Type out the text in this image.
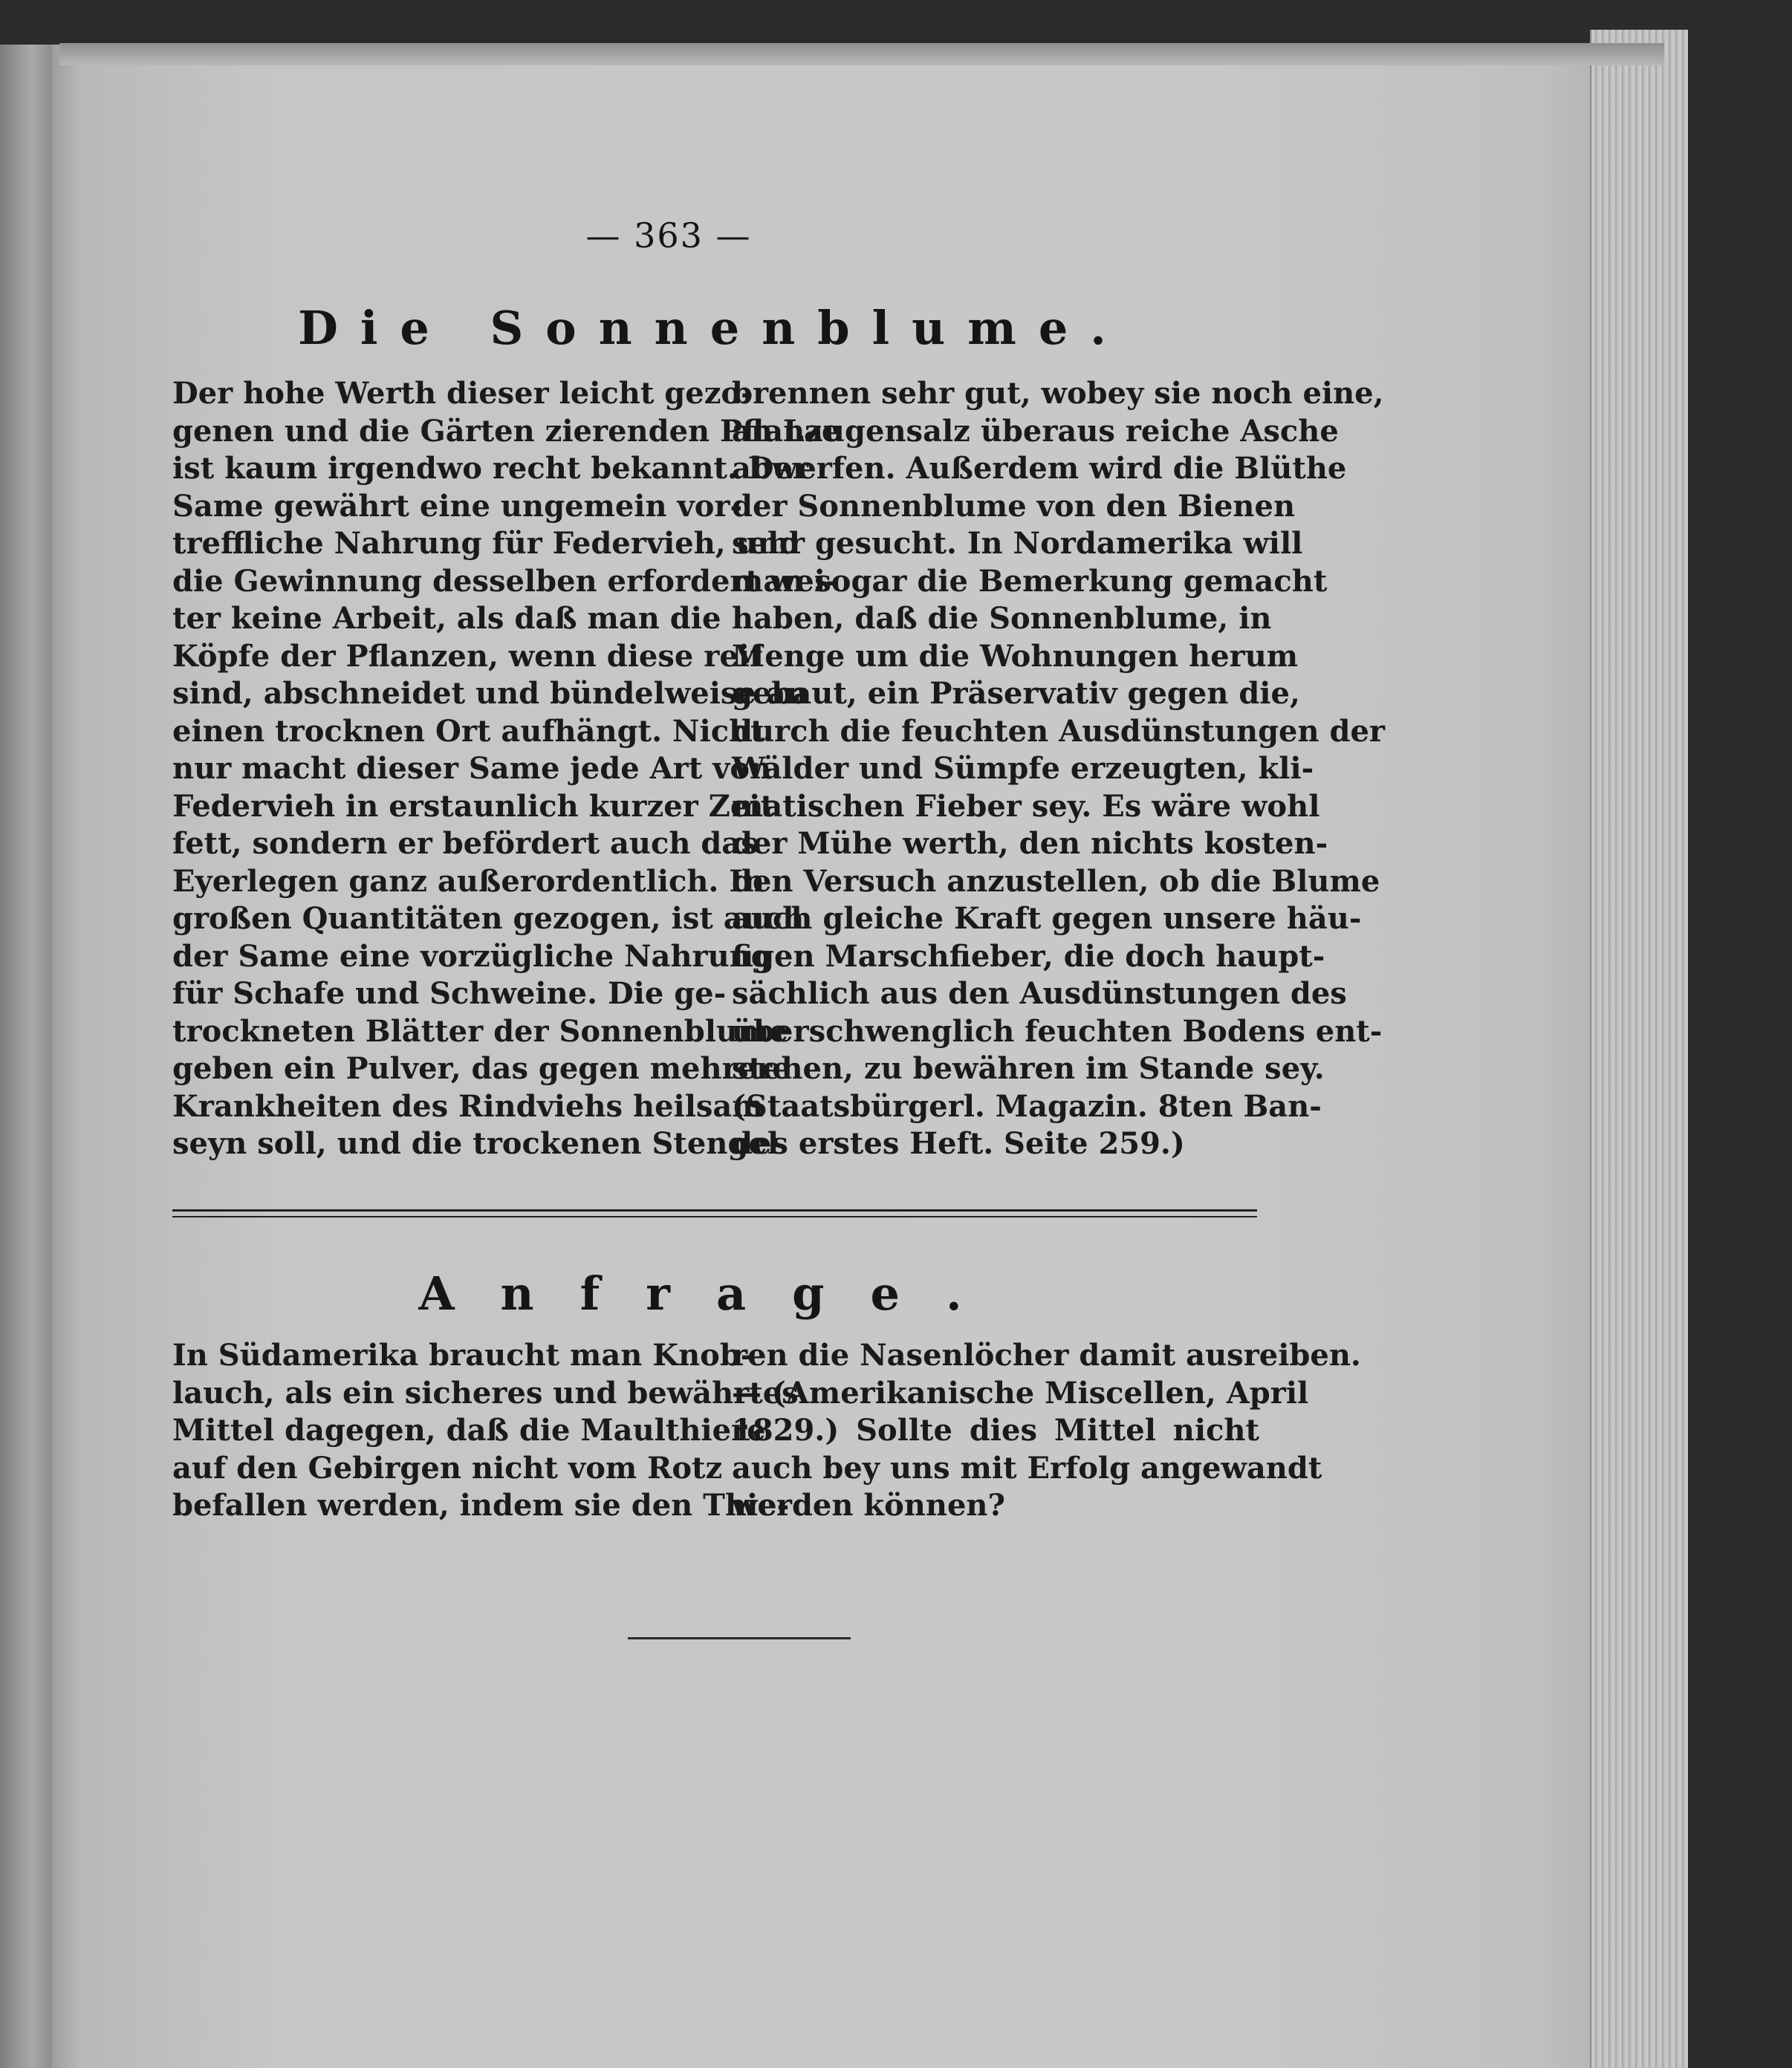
— 363 —
Die Sonnenblume.
Der hohe Werth dieser leicht gezo-
genen und die Gärten zierenden Pflanze
ist kaum irgendwo recht bekannt. Der
Same gewährt eine ungemein vor-
treffliche Nahrung für Federvieh, und
die Gewinnung desselben erfordert wei-
ter keine Arbeit, als daß man die
Köpfe der Pflanzen, wenn diese reif
sind, abschneidet und bündelweise an
einen trocknen Ort aufhängt. Nicht
nur macht dieser Same jede Art von
Federvieh in erstaunlich kurzer Zeit
fett, sondern er befördert auch das
Eyerlegen ganz außerordentlich. In
großen Quantitäten gezogen, ist auch
der Same eine vorzügliche Nahrung
für Schafe und Schweine. Die ge-
trockneten Blätter der Sonnenblume
geben ein Pulver, das gegen mehrere
Krankheiten des Rindviehs heilsam
seyn soll, und die trockenen Stengel
brennen sehr gut, wobey sie noch eine,
an Laugensalz überaus reiche Asche
abwerfen. Außerdem wird die Blüthe
der Sonnenblume von den Bienen
sehr gesucht. In Nordamerika will
man sogar die Bemerkung gemacht
haben, daß die Sonnenblume, in
Menge um die Wohnungen herum
gebaut, ein Präservativ gegen die,
durch die feuchten Ausdünstungen der
Wälder und Sümpfe erzeugten, kli-
matischen Fieber sey. Es wäre wohl
der Mühe werth, den nichts kosten-
den Versuch anzustellen, ob die Blume
auch gleiche Kraft gegen unsere häu-
figen Marschfieber, die doch haupt-
sächlich aus den Ausdünstungen des
überschwenglich feuchten Bodens ent-
stehen, zu bewähren im Stande sey.
(Staatsbürgerl. Magazin. 8ten Ban-
des erstes Heft. Seite 259.)
Anfrage.
In Südamerika braucht man Knob-
lauch, als ein sicheres und bewährtes
Mittel dagegen, daß die Maulthiere
auf den Gebirgen nicht vom Rotz
befallen werden, indem sie den Thie-
ren die Nasenlöcher damit ausreiben.
— (Amerikanische Miscellen, April
1829.) Sollte dies Mittel nicht
auch bey uns mit Erfolg angewandt
werden können?
